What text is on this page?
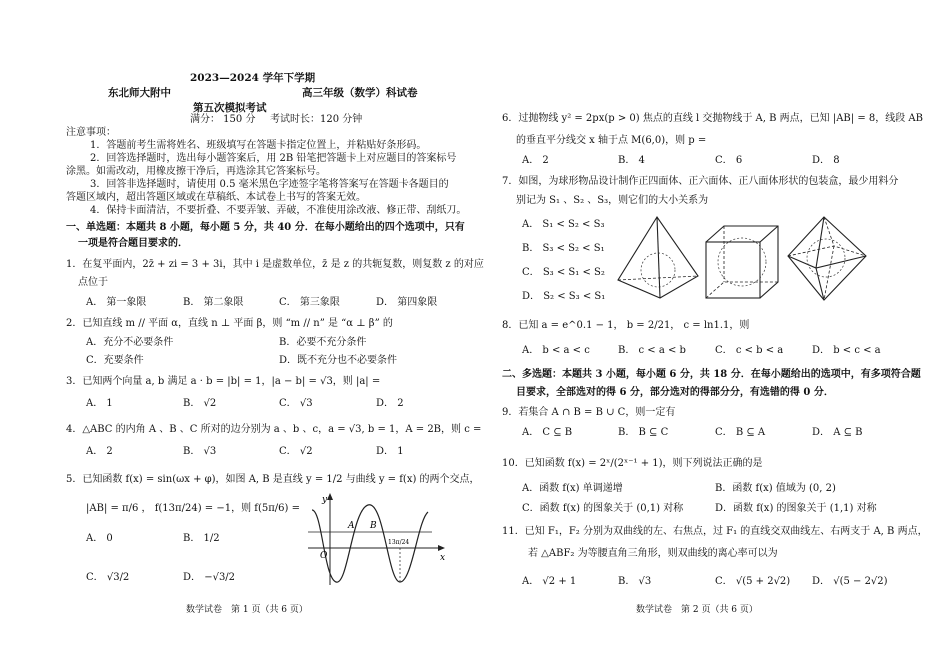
2023—2024 学年下学期
东北师大附中	高三年级（数学）科试卷
第五次模拟考试
满分： 150 分 考试时长：120 分钟
注意事项：
1．答题前考生需将姓名、班级填写在答题卡指定位置上，并粘贴好条形码。
2．回答选择题时，选出每小题答案后，用 2B 铅笔把答题卡上对应题目的答案标号
涂黑。如需改动，用橡皮擦干净后，再选涂其它答案标号。
3．回答非选择题时，请使用 0.5 毫米黑色字迹签字笔将答案写在答题卡各题目的
答题区域内，超出答题区域或在草稿纸、本试卷上书写的答案无效。
4．保持卡面清洁，不要折叠、不要弄皱、弄破，不准使用涂改液、修正带、刮纸刀。
一、单选题：本题共 8 小题，每小题 5 分，共 40 分．在每小题给出的四个选项中，只有
一项是符合题目要求的．
1．在复平面内，2z̄ + zi = 3 + 3i，其中 i 是虚数单位，z̄ 是 z 的共轭复数，则复数 z 的对应
点位于
A． 第一象限	B． 第二象限	C． 第三象限	D． 第四象限
2．已知直线 m // 平面 α，直线 n ⊥ 平面 β，则 “m // n” 是 “α ⊥ β” 的
A．充分不必要条件	B．必要不充分条件
C．充要条件	D．既不充分也不必要条件
3．已知两个向量 a, b 满足 a · b = |b| = 1，|a − b| = √3，则 |a| =
A． 1	B． √2	C． √3	D． 2
4．△ABC 的内角 A 、B 、C 所对的边分别为 a 、b 、c，a = √3, b = 1，A = 2B，则 c =
A． 2	B． √3	C． √2	D． 1
5．已知函数 f(x) = sin(ωx + φ)，如图 A, B 是直线 y = 1/2 与曲线 y = f(x) 的两个交点，
|AB| = π/6 ， f(13π/24) = −1，则 f(5π/6) =
A． 0	B． 1/2
C． √3/2	D． −√3/2
y
x
O
A B
13π/24
数学试卷　第 1 页（共 6 页）
6．过抛物线 y² = 2px(p > 0) 焦点的直线 l 交抛物线于 A, B 两点，已知 |AB| = 8，线段 AB
的垂直平分线交 x 轴于点 M(6,0)，则 p =
A． 2	B． 4	C． 6	D． 8
7．如图，为球形物品设计制作正四面体、正六面体、正八面体形状的包装盒，最少用料分
别记为 S₁ 、S₂ 、S₃，则它们的大小关系为
A． S₁ < S₂ < S₃
B． S₃ < S₂ < S₁
C． S₃ < S₁ < S₂
D． S₂ < S₃ < S₁
8．已知 a = e^0.1 − 1， b = 2/21， c = ln1.1，则
A． b < a < c	B． c < a < b	C． c < b < a	D． b < c < a
二、多选题：本题共 3 小题，每小题 6 分，共 18 分．在每小题给出的选项中，有多项符合题
目要求，全部选对的得 6 分，部分选对的得部分分，有选错的得 0 分．
9．若集合 A ∩ B = B ∪ C，则一定有
A． C ⊆ B	B． B ⊆ C	C． B ⊆ A	D． A ⊆ B
10．已知函数 f(x) = 2ˣ/(2ˣ⁻¹ + 1)，则下列说法正确的是
A．函数 f(x) 单调递增	B．函数 f(x) 值域为 (0, 2)
C．函数 f(x) 的图象关于 (0,1) 对称	D．函数 f(x) 的图象关于 (1,1) 对称
11．已知 F₁，F₂ 分别为双曲线的左、右焦点，过 F₁ 的直线交双曲线左、右两支于 A, B 两点，
若 △ABF₂ 为等腰直角三角形，则双曲线的离心率可以为
A． √2 + 1	B． √3	C． √(5 + 2√2) D． √(5 − 2√2)
数学试卷　第 2 页（共 6 页）
